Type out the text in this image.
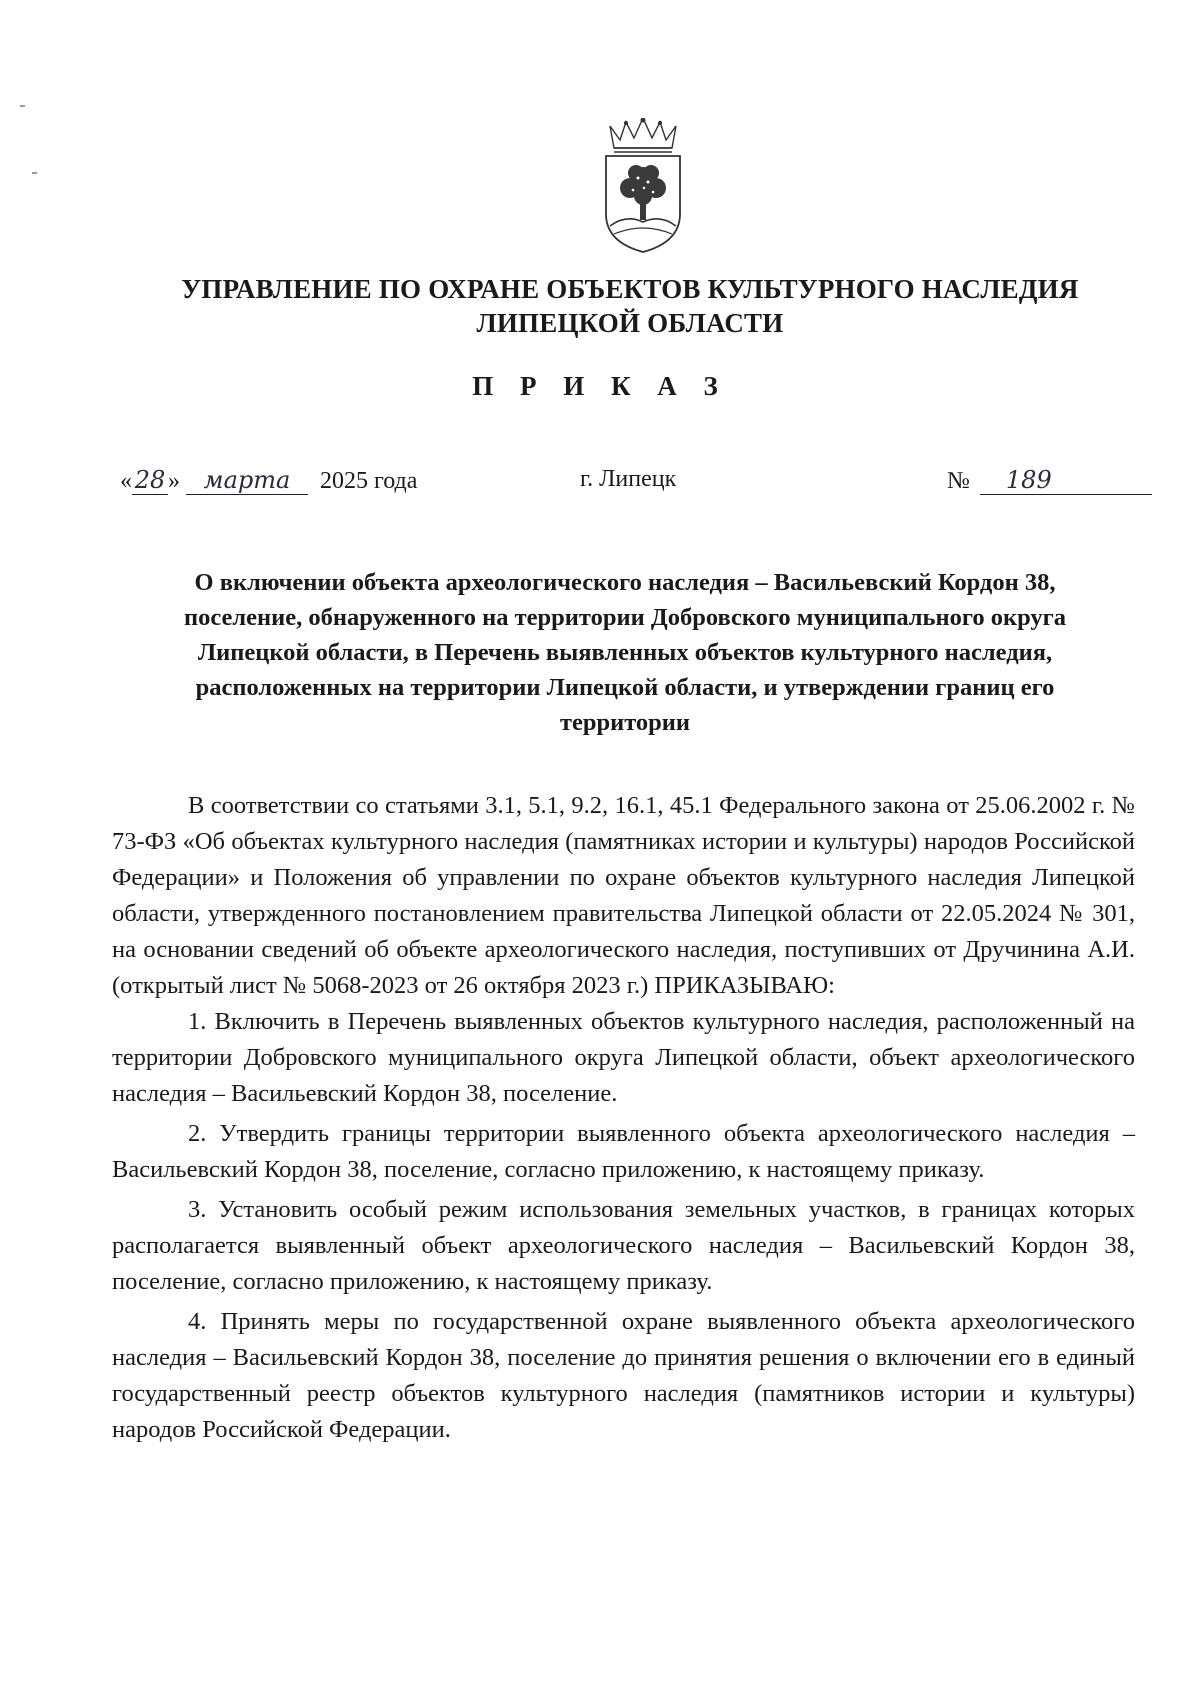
УПРАВЛЕНИЕ ПО ОХРАНЕ ОБЪЕКТОВ КУЛЬТУРНОГО НАСЛЕДИЯ
ЛИПЕЦКОЙ ОБЛАСТИ
П Р И К А З
« 28 » марта 2025 года	г. Липецк	№ 189
О включении объекта археологического наследия – Васильевский Кордон 38,
поселение, обнаруженного на территории Добровского муниципального округа
Липецкой области, в Перечень выявленных объектов культурного наследия,
расположенных на территории Липецкой области, и утверждении границ его
территории

В соответствии со статьями 3.1, 5.1, 9.2, 16.1, 45.1 Федерального закона от 25.06.2002 г. № 73-ФЗ «Об объектах культурного наследия (памятниках истории и культуры) народов Российской Федерации» и Положения об управлении по охране объектов культурного наследия Липецкой области, утвержденного постановлением правительства Липецкой области от 22.05.2024 № 301, на основании сведений об объекте археологического наследия, поступивших от Дручинина А.И. (открытый лист № 5068-2023 от 26 октября 2023 г.) ПРИКАЗЫВАЮ:

1. Включить в Перечень выявленных объектов культурного наследия, расположенный на территории Добровского муниципального округа Липецкой области, объект археологического наследия – Васильевский Кордон 38, поселение.

2. Утвердить границы территории выявленного объекта археологического наследия – Васильевский Кордон 38, поселение, согласно приложению, к настоящему приказу.

3. Установить особый режим использования земельных участков, в границах которых располагается выявленный объект археологического наследия – Васильевский Кордон 38, поселение, согласно приложению, к настоящему приказу.

4. Принять меры по государственной охране выявленного объекта археологического наследия – Васильевский Кордон 38, поселение до принятия решения о включении его в единый государственный реестр объектов культурного наследия (памятников истории и культуры) народов Российской Федерации.
